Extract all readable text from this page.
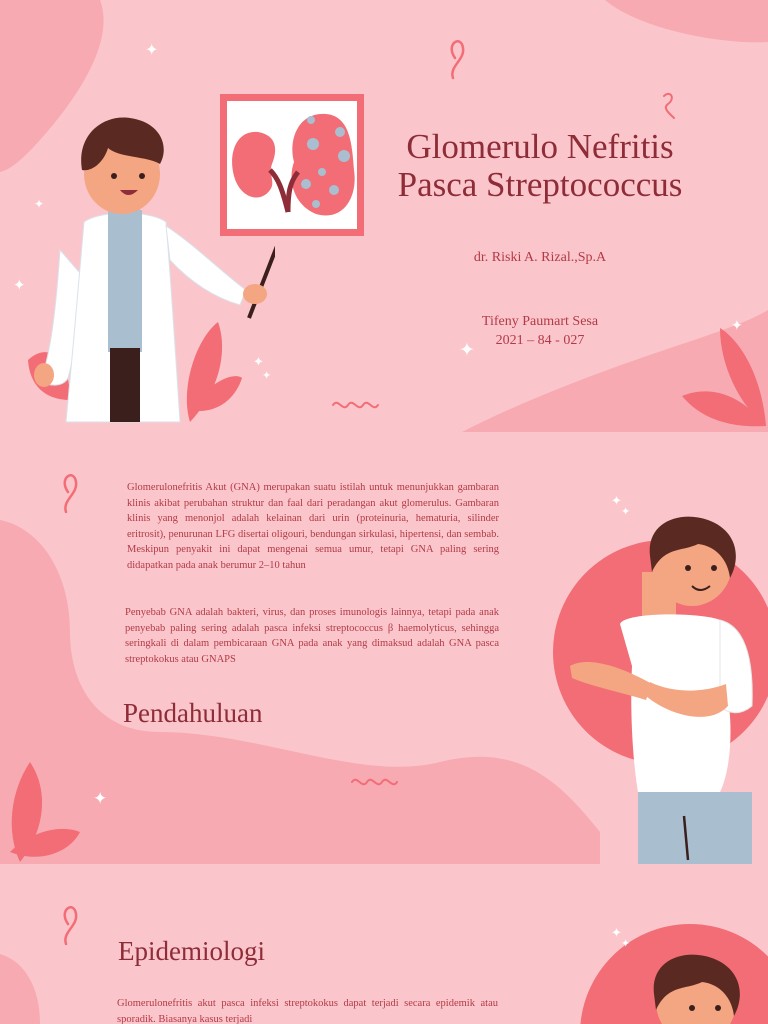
✦
✦
✦
✦
✦
✦
✦
Glomerulo Nefritis
Pasca Streptococcus
dr. Riski A. Rizal.,Sp.A
Tifeny Paumart Sesa
2021 – 84 - 027
✦
✦
✦
Glomerulonefritis Akut (GNA) merupakan suatu istilah untuk menunjukkan gambaran klinis akibat perubahan struktur dan faal dari peradangan akut glomerulus. Gambaran klinis yang menonjol adalah kelainan dari urin (proteinuria, hematuria, silinder eritrosit), penurunan LFG disertai oligouri, bendungan sirkulasi, hipertensi, dan sembab. Meskipun penyakit ini dapat mengenai semua umur, tetapi GNA paling sering didapatkan pada anak berumur 2–10 tahun
Penyebab GNA adalah bakteri, virus, dan proses imunologis lainnya, tetapi pada anak penyebab paling sering adalah pasca infeksi streptococcus β haemolyticus, sehingga seringkali di dalam pembicaraan GNA pada anak yang dimaksud adalah GNA pasca streptokokus atau GNAPS
Pendahuluan
✦
✦
Epidemiologi
Glomerulonefritis akut pasca infeksi streptokokus dapat terjadi secara epidemik atau sporadik. Biasanya kasus terjadi
